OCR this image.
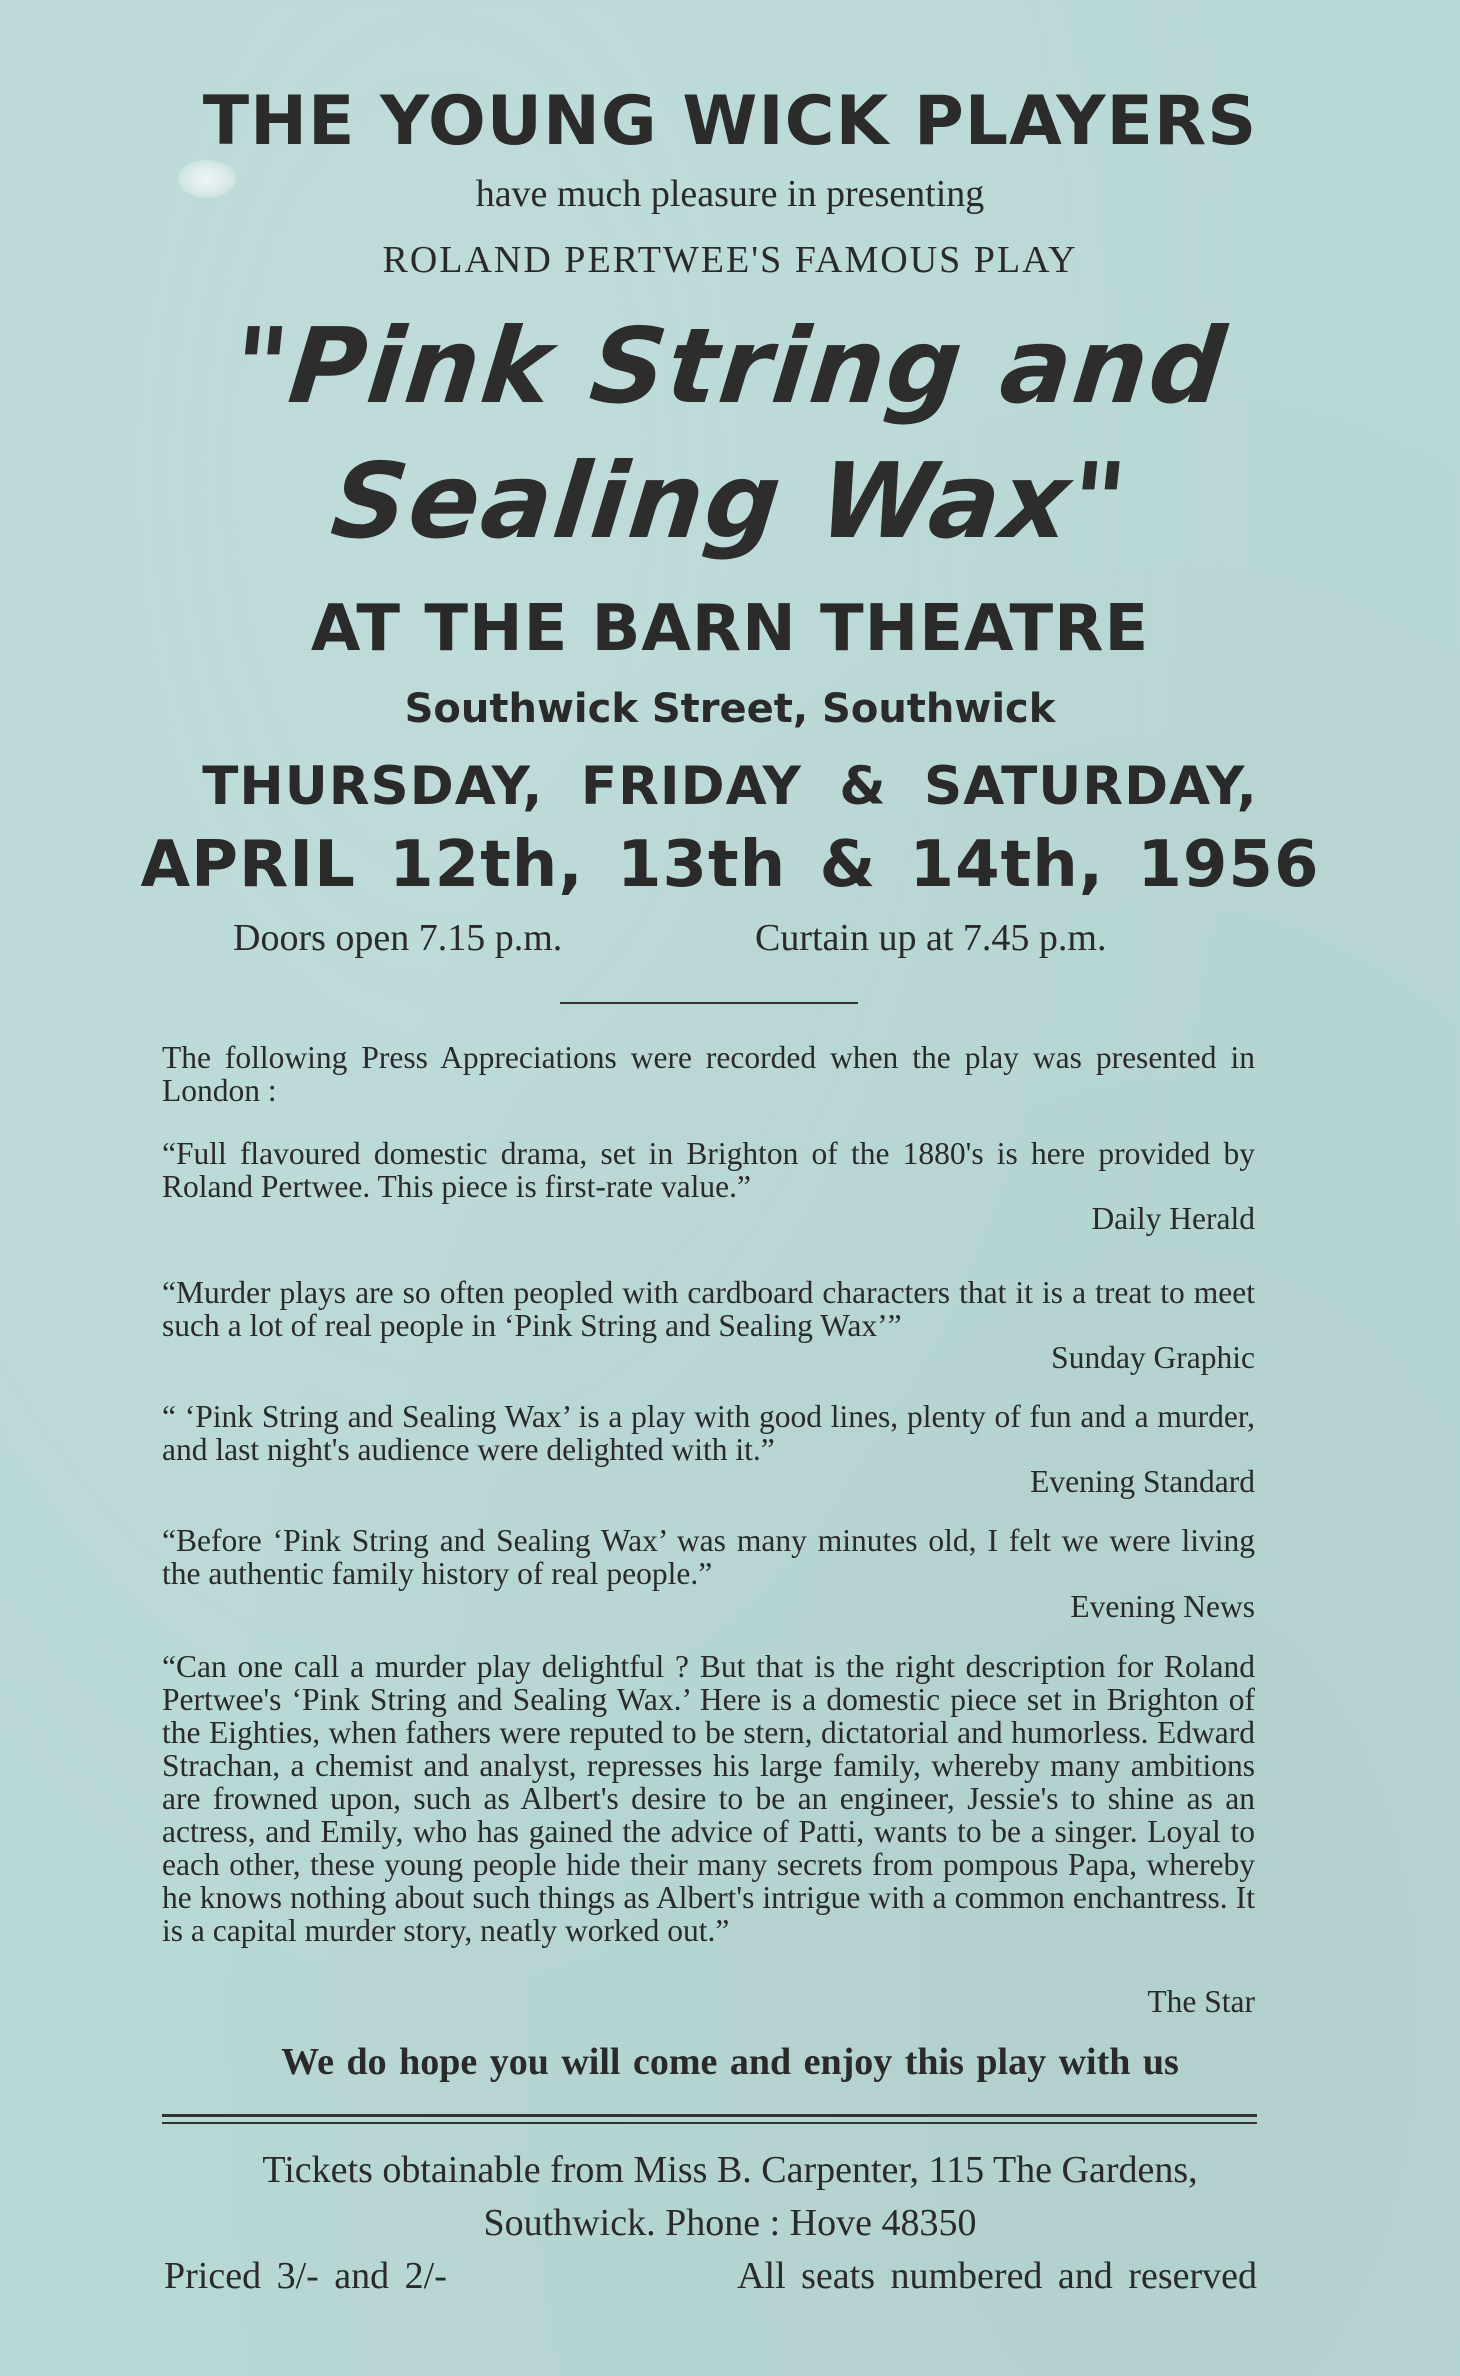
THE YOUNG WICK PLAYERS
have much pleasure in presenting
ROLAND PERTWEE'S FAMOUS PLAY
"Pink String and
Sealing Wax"
AT THE BARN THEATRE
Southwick Street, Southwick
THURSDAY, FRIDAY & SATURDAY,
APRIL 12th, 13th & 14th, 1956
Doors open 7.15 p.m.	Curtain up at 7.45 p.m.
The following Press Appreciations were recorded when the play was presented in London :
“Full flavoured domestic drama, set in Brighton of the 1880's is here provided by Roland Pertwee. This piece is first-rate value.”
Daily Herald
“Murder plays are so often peopled with cardboard characters that it is a treat to meet such a lot of real people in ‘Pink String and Sealing Wax’”
Sunday Graphic
“ ‘Pink String and Sealing Wax’ is a play with good lines, plenty of fun and a murder, and last night's audience were delighted with it.”
Evening Standard
“Before ‘Pink String and Sealing Wax’ was many minutes old, I felt we were living the authentic family history of real people.”
Evening News
“Can one call a murder play delightful ? But that is the right description for Roland Pertwee's ‘Pink String and Sealing Wax.’ Here is a domestic piece set in Brighton of the Eighties, when fathers were reputed to be stern, dictatorial and humorless. Edward Strachan, a chemist and analyst, represses his large family, whereby many ambitions are frowned upon, such as Albert's desire to be an engineer, Jessie's to shine as an actress, and Emily, who has gained the advice of Patti, wants to be a singer. Loyal to each other, these young people hide their many secrets from pompous Papa, whereby he knows nothing about such things as Albert's intrigue with a common enchantress. It is a capital murder story, neatly worked out.”
The Star
We do hope you will come and enjoy this play with us
Tickets obtainable from Miss B. Carpenter, 115 The Gardens,
Southwick. Phone : Hove 48350
Priced 3/- and 2/-	All seats numbered and reserved
